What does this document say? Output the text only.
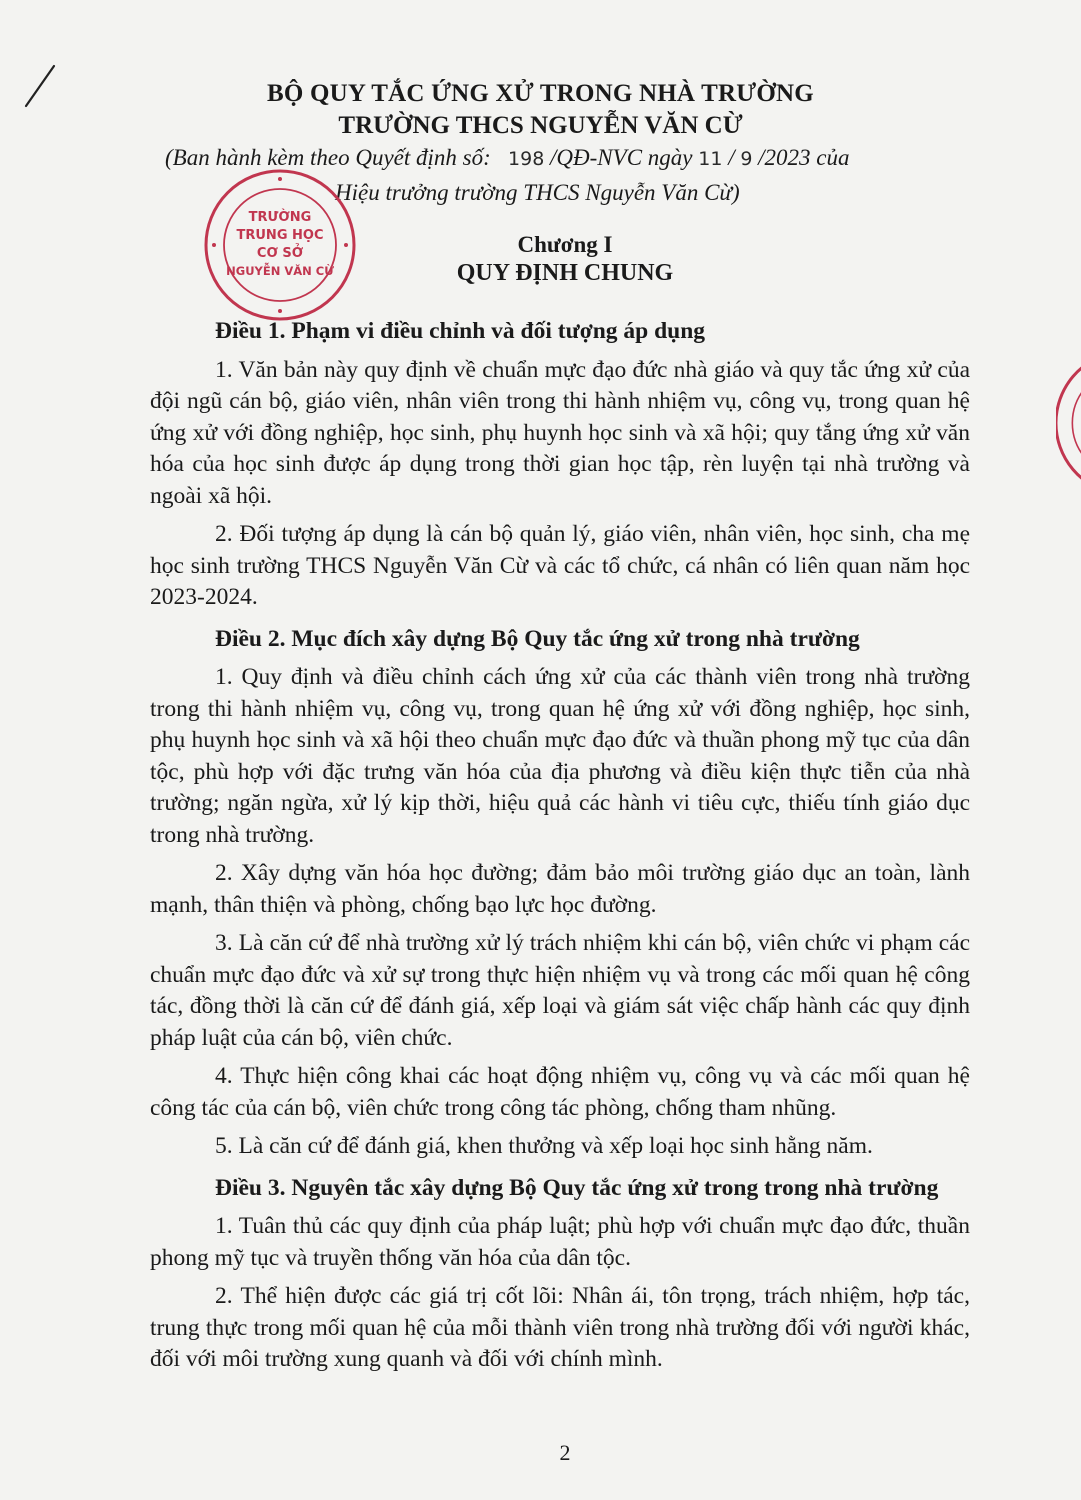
BỘ QUY TẮC ỨNG XỬ TRONG NHÀ TRƯỜNG
TRƯỜNG THCS NGUYỄN VĂN CỪ
(Ban hành kèm theo Quyết định số: 198 /QĐ-NVC ngày 11 / 9 /2023 của
Hiệu trưởng trường THCS Nguyễn Văn Cừ)
TRƯỜNG
TRUNG HỌC
CƠ SỞ
NGUYỄN VĂN CỪ
Chương I
QUY ĐỊNH CHUNG

Điều 1. Phạm vi điều chỉnh và đối tượng áp dụng

1. Văn bản này quy định về chuẩn mực đạo đức nhà giáo và quy tắc ứng xử của đội ngũ cán bộ, giáo viên, nhân viên trong thi hành nhiệm vụ, công vụ, trong quan hệ ứng xử với đồng nghiệp, học sinh, phụ huynh học sinh và xã hội; quy tắng ứng xử văn hóa của học sinh được áp dụng trong thời gian học tập, rèn luyện tại nhà trường và ngoài xã hội.

2. Đối tượng áp dụng là cán bộ quản lý, giáo viên, nhân viên, học sinh, cha mẹ học sinh trường THCS Nguyễn Văn Cừ và các tổ chức, cá nhân có liên quan năm học 2023-2024.

Điều 2. Mục đích xây dựng Bộ Quy tắc ứng xử trong nhà trường

1. Quy định và điều chỉnh cách ứng xử của các thành viên trong nhà trường trong thi hành nhiệm vụ, công vụ, trong quan hệ ứng xử với đồng nghiệp, học sinh, phụ huynh học sinh và xã hội theo chuẩn mực đạo đức và thuần phong mỹ tục của dân tộc, phù hợp với đặc trưng văn hóa của địa phương và điều kiện thực tiễn của nhà trường; ngăn ngừa, xử lý kịp thời, hiệu quả các hành vi tiêu cực, thiếu tính giáo dục trong nhà trường.

2. Xây dựng văn hóa học đường; đảm bảo môi trường giáo dục an toàn, lành mạnh, thân thiện và phòng, chống bạo lực học đường.

3. Là căn cứ để nhà trường xử lý trách nhiệm khi cán bộ, viên chức vi phạm các chuẩn mực đạo đức và xử sự trong thực hiện nhiệm vụ và trong các mối quan hệ công tác, đồng thời là căn cứ để đánh giá, xếp loại và giám sát việc chấp hành các quy định pháp luật của cán bộ, viên chức.

4. Thực hiện công khai các hoạt động nhiệm vụ, công vụ và các mối quan hệ công tác của cán bộ, viên chức trong công tác phòng, chống tham nhũng.

5. Là căn cứ để đánh giá, khen thưởng và xếp loại học sinh hằng năm.

Điều 3. Nguyên tắc xây dựng Bộ Quy tắc ứng xử trong trong nhà trường

1. Tuân thủ các quy định của pháp luật; phù hợp với chuẩn mực đạo đức, thuần phong mỹ tục và truyền thống văn hóa của dân tộc.

2. Thể hiện được các giá trị cốt lõi: Nhân ái, tôn trọng, trách nhiệm, hợp tác, trung thực trong mối quan hệ của mỗi thành viên trong nhà trường đối với người khác, đối với môi trường xung quanh và đối với chính mình.

2
